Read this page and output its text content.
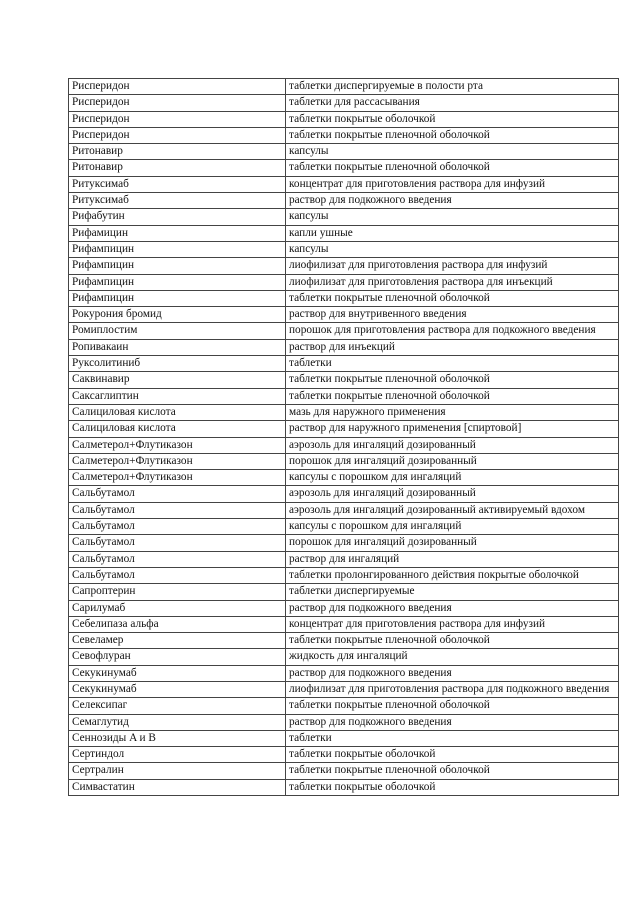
Рисперидон	таблетки диспергируемые в полости рта
Рисперидон	таблетки для рассасывания
Рисперидон	таблетки покрытые оболочкой
Рисперидон	таблетки покрытые пленочной оболочкой
Ритонавир	капсулы
Ритонавир	таблетки покрытые пленочной оболочкой
Ритуксимаб	концентрат для приготовления раствора для инфузий
Ритуксимаб	раствор для подкожного введения
Рифабутин	капсулы
Рифамицин	капли ушные
Рифампицин	капсулы
Рифампицин	лиофилизат для приготовления раствора для инфузий
Рифампицин	лиофилизат для приготовления раствора для инъекций
Рифампицин	таблетки покрытые пленочной оболочкой
Рокурония бромид	раствор для внутривенного введения
Ромиплостим	порошок для приготовления раствора для подкожного введения
Ропивакаин	раствор для инъекций
Руксолитиниб	таблетки
Саквинавир	таблетки покрытые пленочной оболочкой
Саксаглиптин	таблетки покрытые пленочной оболочкой
Салициловая кислота	мазь для наружного применения
Салициловая кислота	раствор для наружного применения [спиртовой]
Салметерол+Флутиказон	аэрозоль для ингаляций дозированный
Салметерол+Флутиказон	порошок для ингаляций дозированный
Салметерол+Флутиказон	капсулы с порошком для ингаляций
Сальбутамол	аэрозоль для ингаляций дозированный
Сальбутамол	аэрозоль для ингаляций дозированный активируемый вдохом
Сальбутамол	капсулы с порошком для ингаляций
Сальбутамол	порошок для ингаляций дозированный
Сальбутамол	раствор для ингаляций
Сальбутамол	таблетки пролонгированного действия покрытые оболочкой
Сапроптерин	таблетки диспергируемые
Сарилумаб	раствор для подкожного введения
Себелипаза альфа	концентрат для приготовления раствора для инфузий
Севеламер	таблетки покрытые пленочной оболочкой
Севофлуран	жидкость для ингаляций
Секукинумаб	раствор для подкожного введения
Секукинумаб	лиофилизат для приготовления раствора для подкожного введения
Селексипаг	таблетки покрытые пленочной оболочкой
Семаглутид	раствор для подкожного введения
Сеннозиды A и B	таблетки
Сертиндол	таблетки покрытые оболочкой
Сертралин	таблетки покрытые пленочной оболочкой
Симвастатин	таблетки покрытые оболочкой
